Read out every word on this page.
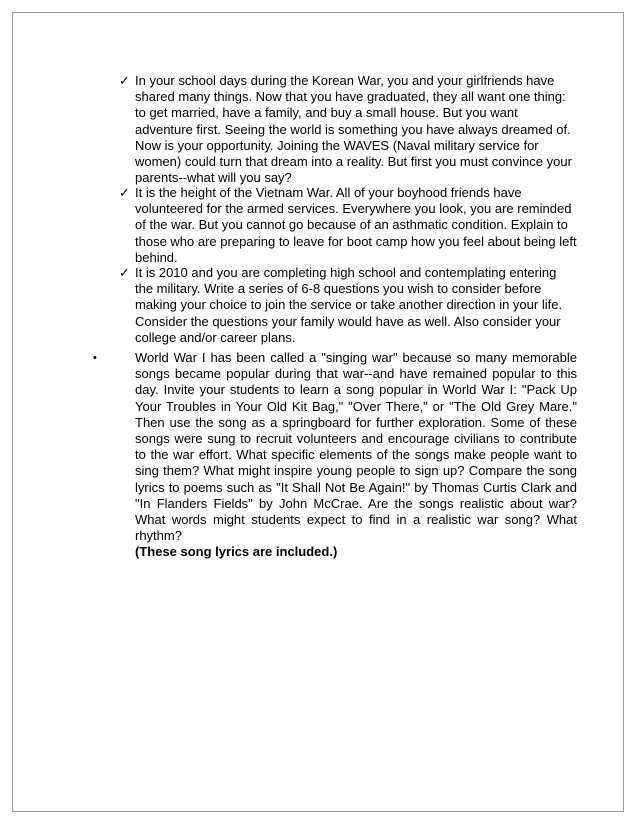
✓ In your school days during the Korean War, you and your girlfriends have shared many things. Now that you have graduated, they all want one thing: to get married, have a family, and buy a small house. But you want adventure first. Seeing the world is something you have always dreamed of. Now is your opportunity. Joining the WAVES (Naval military service for women) could turn that dream into a reality. But first you must convince your parents--what will you say?
✓ It is the height of the Vietnam War. All of your boyhood friends have volunteered for the armed services. Everywhere you look, you are reminded of the war. But you cannot go because of an asthmatic condition. Explain to those who are preparing to leave for boot camp how you feel about being left behind.
✓ It is 2010 and you are completing high school and contemplating entering the military. Write a series of 6-8 questions you wish to consider before making your choice to join the service or take another direction in your life. Consider the questions your family would have as well. Also consider your college and/or career plans.
•	World War I has been called a "singing war" because so many memorable songs became popular during that war--and have remained popular to this day. Invite your students to learn a song popular in World War I: "Pack Up Your Troubles in Your Old Kit Bag," "Over There," or "The Old Grey Mare." Then use the song as a springboard for further exploration. Some of these songs were sung to recruit volunteers and encourage civilians to contribute to the war effort. What specific elements of the songs make people want to sing them? What might inspire young people to sign up? Compare the song lyrics to poems such as "It Shall Not Be Again!" by Thomas Curtis Clark and "In Flanders Fields" by John McCrae. Are the songs realistic about war? What words might students expect to find in a realistic war song? What rhythm?
(These song lyrics are included.)
